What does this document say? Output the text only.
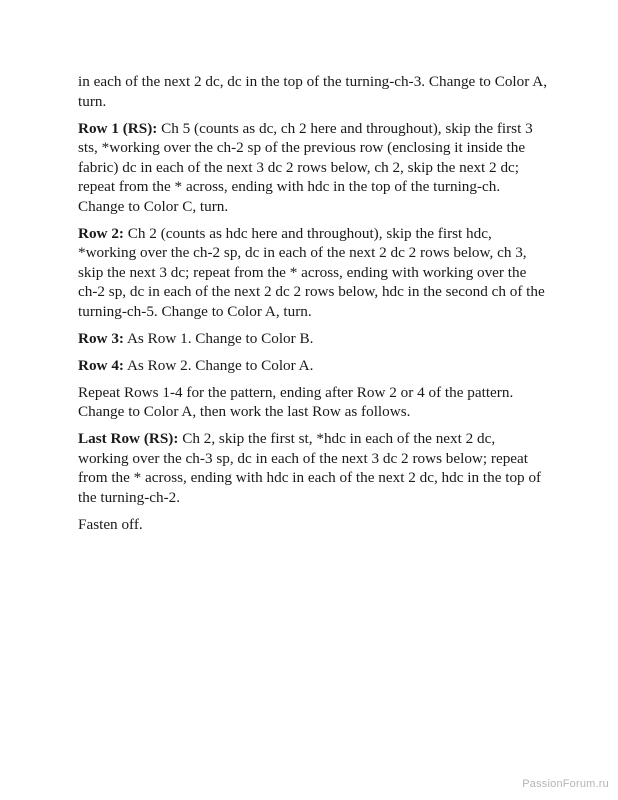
in each of the next 2 dc, dc in the top of the turning-ch-3. Change to Color A, turn.

Row 1 (RS): Ch 5 (counts as dc, ch 2 here and throughout), skip the first 3 sts, *working over the ch-2 sp of the previous row (enclosing it inside the fabric) dc in each of the next 3 dc 2 rows below, ch 2, skip the next 2 dc; repeat from the * across, ending with hdc in the top of the turning-ch. Change to Color C, turn.

Row 2: Ch 2 (counts as hdc here and throughout), skip the first hdc, *working over the ch-2 sp, dc in each of the next 2 dc 2 rows below, ch 3, skip the next 3 dc; repeat from the * across, ending with working over the ch-2 sp, dc in each of the next 2 dc 2 rows below, hdc in the second ch of the turning-ch-5. Change to Color A, turn.

Row 3: As Row 1. Change to Color B.

Row 4: As Row 2. Change to Color A.

Repeat Rows 1-4 for the pattern, ending after Row 2 or 4 of the pattern. Change to Color A, then work the last Row as follows.

Last Row (RS): Ch 2, skip the first st, *hdc in each of the next 2 dc, working over the ch-3 sp, dc in each of the next 3 dc 2 rows below; repeat from the * across, ending with hdc in each of the next 2 dc, hdc in the top of the turning-ch-2.

Fasten off.

PassionForum.ru
